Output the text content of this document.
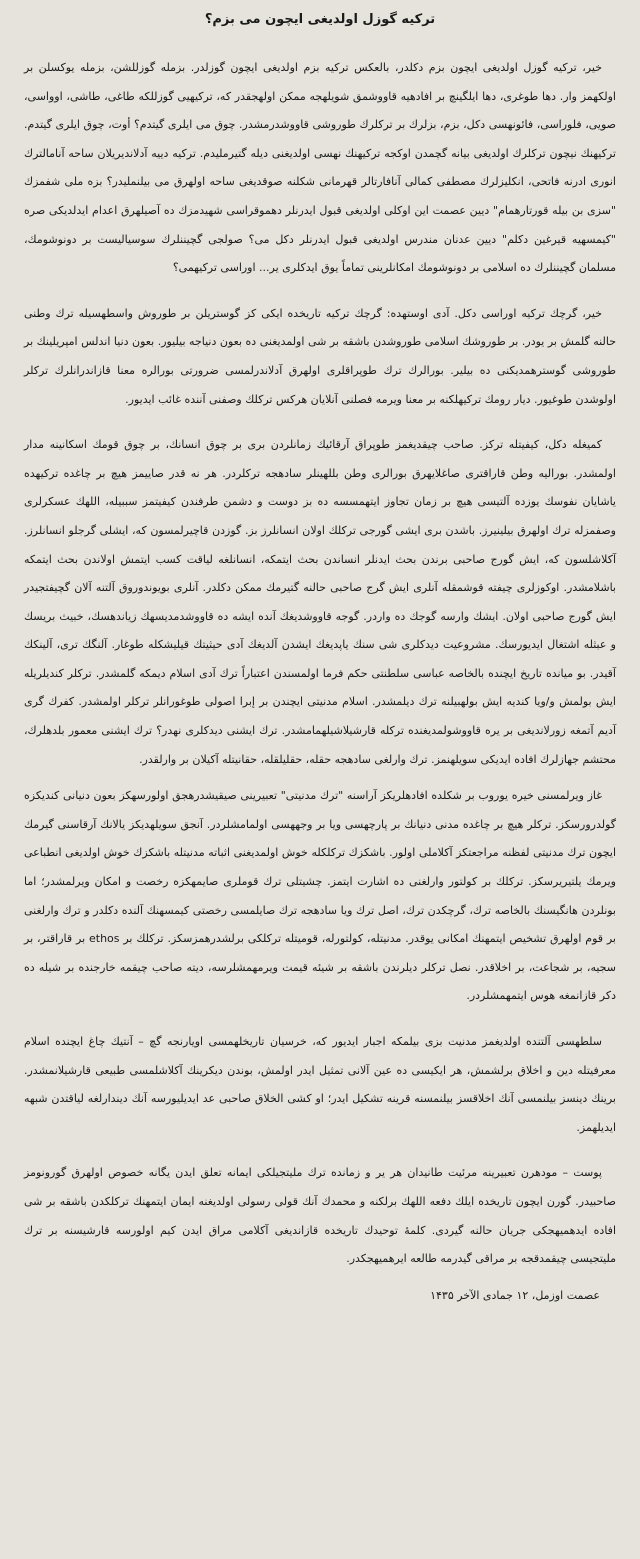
ترکیه گوزل اولدیغی ایچون می بزم؟

خیر، ترکیه گوزل اولدیغی ایچون بزم دکلدر، بالعکس ترکیه بزم اولدیغی ایچون گوزلدر. بزمله گوزللشن، بزمله یوکسلن بر اولکهمز وار. دها طوغری، دها ایلگینچ بر افادهیه قاووشمق شویلهجه ممکن اولهجقدر که، ترکیهیی گوزللکه طاغی، طاشی، اوواسی، صویی، فلوراسی، فائونهسی دکل، بزم، بزلرك بر ترکلرك طوروشی قاووشدرمشدر. چوق می ایلری گیتدم؟ أوت، چوق ایلری گیتدم. ترکیهنك نیچون ترکلرك اولدیغی بیانه گچمدن اوکجه ترکیهنك نهسی اولدیغنی دیله گتیرملیدم. ترکیه دییه آدلاندیریلان ساحه آنامالترك انوری ادرنه فاتحی، انکلیزلرك مصطفی کمالی آنافارتالر قهرمانی شکلنه صوقدیغی ساحه اولهرق می بیلنملیدر؟ بزه ملی شفمزك "سزی بن بیله قورتارهمام" دیین عصمت این اوکلی اولدیغی قبول ایدرنلر دهموقراسی شهیدمزك ده آصیلهرق اعدام ایدلدیکی صره "کیمسهیه قیرغین دکلم" دیین عدنان مندرس اولدیغی قبول ایدرنلر دکل می؟ صولجی گچیننلرك سوسیالیست بر دونوشومك، مسلمان گچیننلرك ده اسلامی بر دونوشومك امکانلرینی تماماً یوق ایدکلری یر... اوراسی ترکیهمی؟

خیر، گرچك ترکیه اوراسی دکل. آدی اوستهده: گرچك ترکیه تاریخده ایکی کز گوستریلن بر طوروش واسطهسیله ترك وطنی حالنه گلمش بر یودر. بر طوروشك اسلامی طوروشدن باشقه بر شی اولمدیغنی ده بعون دنیاجه بیلیور. بعون دنیا اندلس امپریلینك بر طوروشی گوسترهمدیکنی ده بیلیر. بورالرك ترك طوپراقلری اولهرق آدلاندرلمسی ضرورتی بورالره معنا قازاندرانلرك ترکلر اولوشدن طوغیور. دیار رومك ترکیهلکنه بر معنا ویرمه فصلنی آنلایان هرکس ترکلك وصفنی آننده غائب ایدیور.

کمیغله دکل، کیفیتله ترکز. صاحب چیقدیغمز طوپراق آرقائیك زمانلردن بری بر چوق انسانك، بر چوق قومك اسکانینه مدار اولمشدر. بوراليه وطن قاراقتری صاغلایهرق بورالری وطن بللهینلر سادهجه ترکلردر. هر نه قدر صاییمز هیچ بر چاغده ترکیهده یاشایان نفوسك یوزده آلتیسی هیچ بر زمان تجاوز ایتهمسسه ده بز دوست و دشمن طرفندن کیفیتمز سببیله، اللهك عسکرلری وصفمزله ترك اولهرق بیلینیرز. باشدن بری ایشی گورجی ترکلك اولان انسانلرز بز. گوزدن قاچیرلمسون که، ایشلی گرجلو انسانلرز. آکلاشلسون که، ایش گورج صاحبی برندن بحث ایدنلر انساندن بحث ایتمکه، انسانلغه لیاقت کسب ایتمش اولاندن بحث ایتمکه باشلامشدر. اوکوزلری چیفته قوشمقله آنلری ایش گرج صاحبی حالنه گتیرمك ممکن دکلدر. آنلری بویوندوروق آلتنه آلان گچیفتجیدر ایش گورج صاحبی اولان. ایشك وارسه گوجك ده واردر. گوجه قاووشدیغك آنده ایشه ده قاووشدمدیسهك زیاندهسك، خبیث بریسك و عبثله اشتغال ایدیورسك. مشروعیت دیدکلری شی سنك یاپدیغك ایشدن آلدیغك آدی حیثیتك قیلیشکله طوغار. آلنگك تری، آلینکك آقیدر. بو میانده تاریخ ایچنده بالخاصه عباسی سلطنتی حکم فرما اولمسندن اعتباراً ترك آدی اسلام دیمکه گلمشدر. ترکلر کندیلریله ایش بولمش و/ویا کندیه ایش بولهبیلنه ترك دیلمشدر. اسلام مدنیتی ایچندن بر إبرا اصولی طوغورانلر ترکلر اولمشدر. کفرك گری آدیم آتمغه زورلاندیغی بر یره قاووشولمدیغنده ترکله قارشیلاشیلهمامشدر. ترك ایشنی دیدکلری نهدر؟ ترك ایشنی معمور بلدهلرك، محتشم جهازلرك افاده ایدیکی سویلهنمز. ترك وارلغی سادهجه حقله، حقلیلقله، حقانیتله آکیلان بر وارلقدر.

غاز ویرلمسنی خیره یوروب بر شکلده افادهلریکز آراسنه "ترك مدنیتی" تعبیرینی صیقیشدرهجق اولورسهکز بعون دنیانی کندیکزه گولدرورسکز. ترکلر هیچ بر چاغده مدنی دنیانك بر پارچهسی ویا بر وجههسی اولمامشلردر. آنجق سویلهدیکز یالانك آرقاسنی گیرمك ایچون ترك مدنیتی لفظنه مراجعتکز آکلاملی اولور. باشکزك ترکلکله خوش اولمدیغنی اثباته مدنیتله باشکزك خوش اولدیغی انطباعی ویرمك یلتیریرسکز. ترکلك بر کولتور وارلغنی ده اشارت ایتمز. چشیتلی ترك قوملری صایمهکزه رخصت و امکان ویرلمشدر؛ اما بونلردن هانگیسنك بالخاصه ترك، گرچکدن ترك، اصل ترك ویا سادهجه ترك صایلمسی رخصتی کیمسهنك آلنده دکلدر و ترك وارلغنی بر قوم اولهرق تشخیص ایتمهنك امکانی یوقدر. مدنیتله، کولتورله، قومیتله ترکلکی برلشدرهمزسکز. ترکلك بر ethos بر قاراقتر، بر سجیه، بر شجاعت، بر اخلاقدر. نصل ترکلر دیلرندن باشقه بر شیئه قیمت ویرمهمشلرسه، دیته صاحب چیقمه خارجنده بر شیله ده دکر قازانمغه هوس ایتمهمشلردر.

سلطهسی آلتنده اولدیغمز مدنیت بزی بیلمکه اجبار ایدیور که، خرسیان تاریخلهمسی اویارنجه گچ – آنتیك چاغ ایچنده اسلام معرفیتله دین و اخلاق برلشمش، هر ایکیسی ده عین آلانی تمثیل ایدر اولمش، بوندن دیکرینك آکلاشلمسی طبیعی قارشیلانمشدر. برینك دینسز بیلنمسی آنك اخلاقسز بیلنمسنه قرینه تشکیل ایدر؛ او کشی الخلاق صاحبی عد ایدیلیورسه آنك دیندارلغه لیاقتدن شبهه ایدیلهمز.

پوست – مودهرن تعبیرینه مرئیت طانیدان هر یر و زمانده ترك ملیتجیلکی ایمانه تعلق ایدن یگانه خصوص اولهرق گورونومز صاحبیدر. گورن ایچون تاریخده ایلك دفعه اللهك برلکنه و محمدك آنك قولی رسولی اولدیغنه ایمان ایتمهنك ترکلکدن باشقه بر شی افاده ایدهمیهجکی جریان حالنه گیردی. کلمهٔ توحیدك تاریخده قازاندیغی آکلامی مراق ایدن کیم اولورسه قارشیسنه بر ترك ملیتجیسی چیقمدقجه بر مراقی گیدرمه طالعه ایرهمیهجکدر.

عصمت اوزمل، ۱۲ جمادی الآخر ۱۴۳۵
